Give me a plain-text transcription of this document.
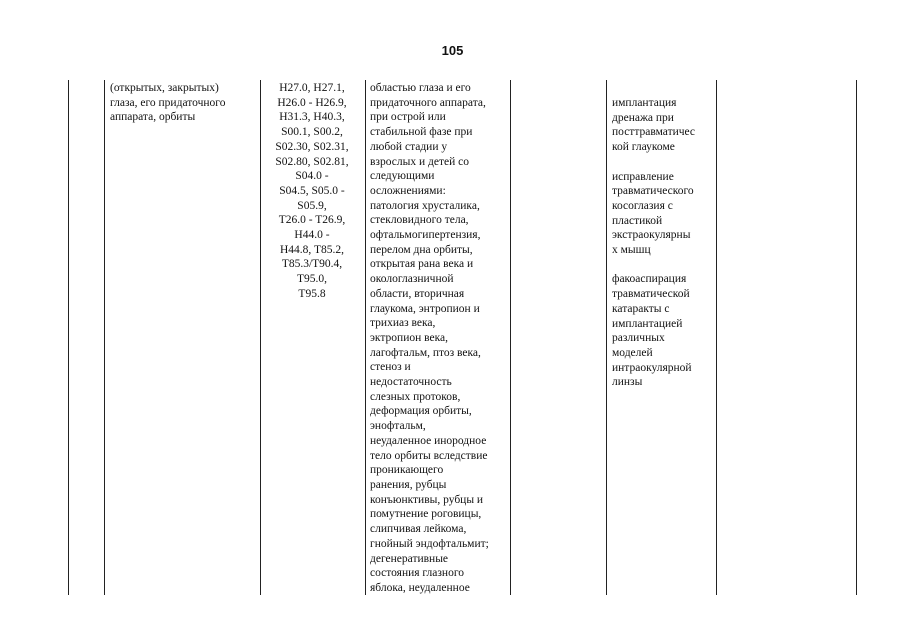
105
(открытых, закрытых)
глаза, его придаточного
аппарата, орбиты
H27.0, H27.1,
H26.0 - H26.9,
H31.3, H40.3,
S00.1, S00.2,
S02.30, S02.31,
S02.80, S02.81,
S04.0 -
S04.5, S05.0 -
S05.9,
T26.0 - T26.9,
H44.0 -
H44.8, T85.2,
T85.3/T90.4,
T95.0,
T95.8
областью глаза и его
придаточного аппарата,
при острой или
стабильной фазе при
любой стадии у
взрослых и детей со
следующими
осложнениями:
патология хрусталика,
стекловидного тела,
офтальмогипертензия,
перелом дна орбиты,
открытая рана века и
окологлазничной
области, вторичная
глаукома, энтропион и
трихиаз века,
эктропион века,
лагофтальм, птоз века,
стеноз и
недостаточность
слезных протоков,
деформация орбиты,
энофтальм,
неудаленное инородное
тело орбиты вследствие
проникающего
ранения, рубцы
конъюнктивы, рубцы и
помутнение роговицы,
слипчивая лейкома,
гнойный эндофтальмит;
дегенеративные
состояния глазного
яблока, неудаленное
имплантация
дренажа при
посттравматичес
кой глаукоме
исправление
травматического
косоглазия с
пластикой
экстраокулярны
х мышц
факоаспирация
травматической
катаракты с
имплантацией
различных
моделей
интраокулярной
линзы
